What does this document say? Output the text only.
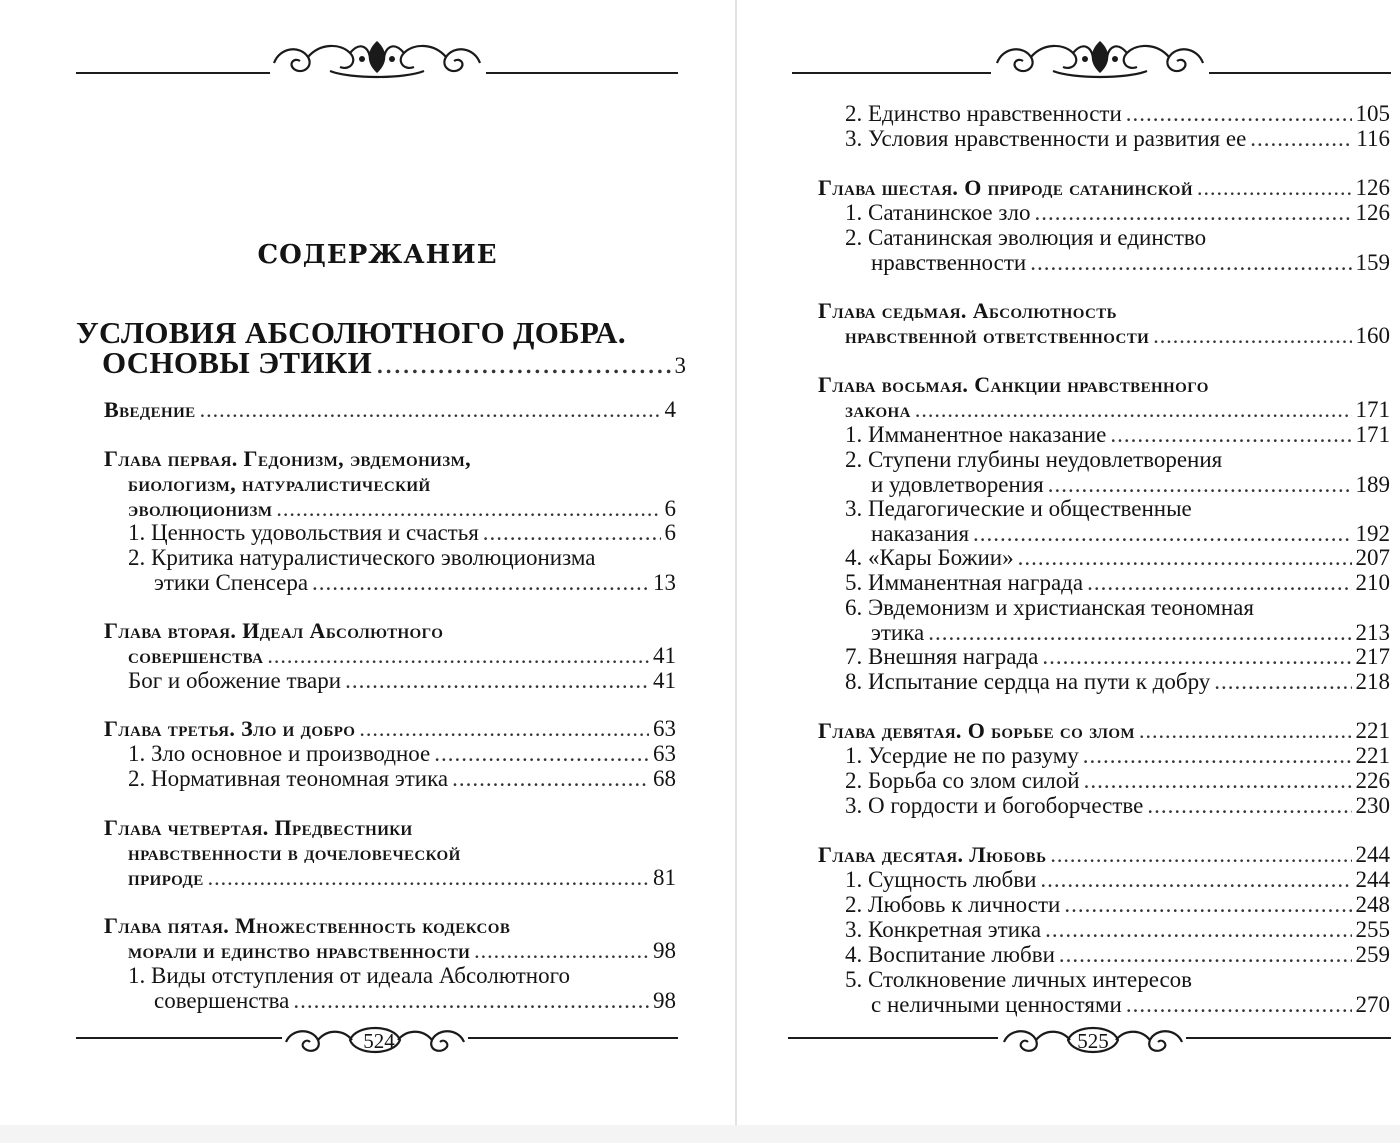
СОДЕРЖАНИЕ
УСЛОВИЯ АБСОЛЮТНОГО ДОБРА.
ОСНОВЫ ЭТИКИ .....	3
Введение .....	4
Глава первая. Гедонизм, эвдемонизм,
биологизм, натуралистический
эволюционизм .....	6
1. Ценность удовольствия и счастья .....	6
2. Критика натуралистического эволюционизма
этики Спенсера .....	13
Глава вторая. Идеал Абсолютного
совершенства .....	41
Бог и обожение твари .....	41
Глава третья. Зло и добро .....	63
1. Зло основное и производное .....	63
2. Нормативная теономная этика .....	68
Глава четвертая. Предвестники
нравственности в дочеловеческой
природе .....	81
Глава пятая. Множественность кодексов
морали и единство нравственности .....	98
1. Виды отступления от идеала Абсолютного
совершенства .....	98
524
2. Единство нравственности .....	105
3. Условия нравственности и развития ее .....	116
Глава шестая. О природе сатанинской .....	126
1. Сатанинское зло .....	126
2. Сатанинская эволюция и единство
нравственности .....	159
Глава седьмая. Абсолютность
нравственной ответственности .....	160
Глава восьмая. Санкции нравственного
закона .....	171
1. Имманентное наказание .....	171
2. Ступени глубины неудовлетворения
и удовлетворения .....	189
3. Педагогические и общественные
наказания .....	192
4. «Кары Божии» .....	207
5. Имманентная награда .....	210
6. Эвдемонизм и христианская теономная
этика .....	213
7. Внешняя награда .....	217
8. Испытание сердца на пути к добру .....	218
Глава девятая. О борьбе со злом .....	221
1. Усердие не по разуму .....	221
2. Борьба со злом силой .....	226
3. О гордости и богоборчестве .....	230
Глава десятая. Любовь .....	244
1. Сущность любви .....	244
2. Любовь к личности .....	248
3. Конкретная этика .....	255
4. Воспитание любви .....	259
5. Столкновение личных интересов
с неличными ценностями .....	270
525
